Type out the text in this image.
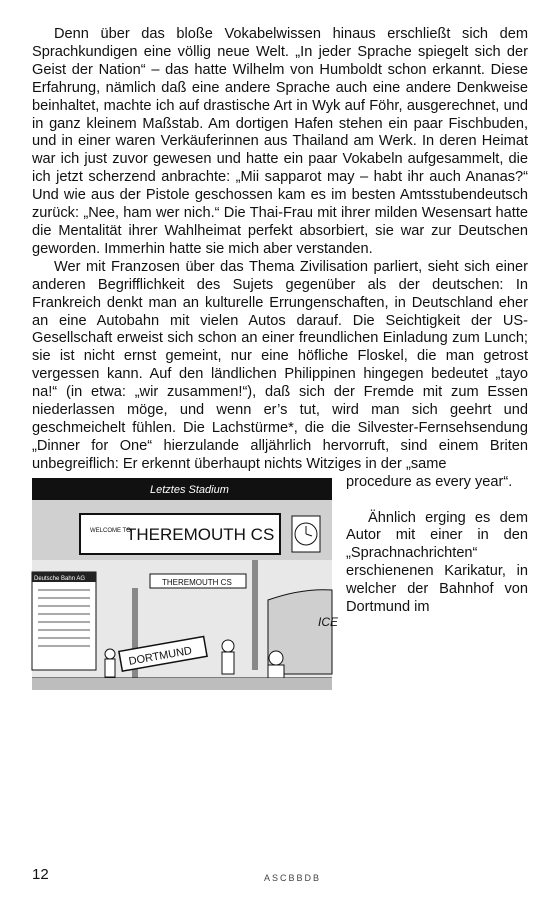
Denn über das bloße Vokabelwissen hinaus erschließt sich dem Sprachkundigen eine völlig neue Welt. „In jeder Sprache spiegelt sich der Geist der Nation“ – das hatte Wilhelm von Humboldt schon erkannt. Diese Erfahrung, nämlich daß eine andere Sprache auch eine andere Denkweise beinhaltet, machte ich auf drastische Art in Wyk auf Föhr, ausgerechnet, und in ganz kleinem Maßstab. Am dortigen Hafen stehen ein paar Fischbuden, und in einer waren Verkäuferinnen aus Thailand am Werk. In deren Heimat war ich just zuvor gewesen und hatte ein paar Vokabeln aufgesammelt, die ich jetzt scherzend anbrachte: „Mii sapparot may – habt ihr auch Ananas?“ Und wie aus der Pistole geschossen kam es im besten Amtsstubendeutsch zurück: „Nee, ham wer nich.“ Die Thai-Frau mit ihrer milden Wesensart hatte die Mentalität ihrer Wahlheimat perfekt absorbiert, sie war zur Deutschen geworden. Immerhin hatte sie mich aber verstanden.

Wer mit Franzosen über das Thema Zivilisation parliert, sieht sich einer anderen Begrifflichkeit des Sujets gegenüber als der deutschen: In Frankreich denkt man an kulturelle Errungenschaften, in Deutschland eher an eine Autobahn mit vielen Autos darauf. Die Seichtigkeit der US-Gesellschaft erweist sich schon an einer freundlichen Einladung zum Lunch; sie ist nicht ernst gemeint, nur eine höfliche Floskel, die man getrost vergessen kann. Auf den ländlichen Philippinen hingegen bedeutet „tayo na!“ (in etwa: „wir zusammen!“), daß sich der Fremde mit zum Essen niederlassen möge, und wenn er’s tut, wird man sich geehrt und geschmeichelt fühlen. Die Lachstürme*, die die Silvester-Fernsehsendung „Dinner for One“ hierzulande alljährlich hervorruft, sind einem Briten unbegreiflich: Er erkennt überhaupt nichts Witziges in der „same

Letztes Stadium
WELCOME TO
THEREMOUTH CS
Deutsche Bahn AG	THEREMOUTH CS
ICE
DORTMUND

procedure as every year“.

Ähnlich erging es dem Autor mit einer in den „Sprachnachrichten“ erschienenen Karikatur, in welcher der Bahnhof von Dortmund im

12	ASCBBDB
